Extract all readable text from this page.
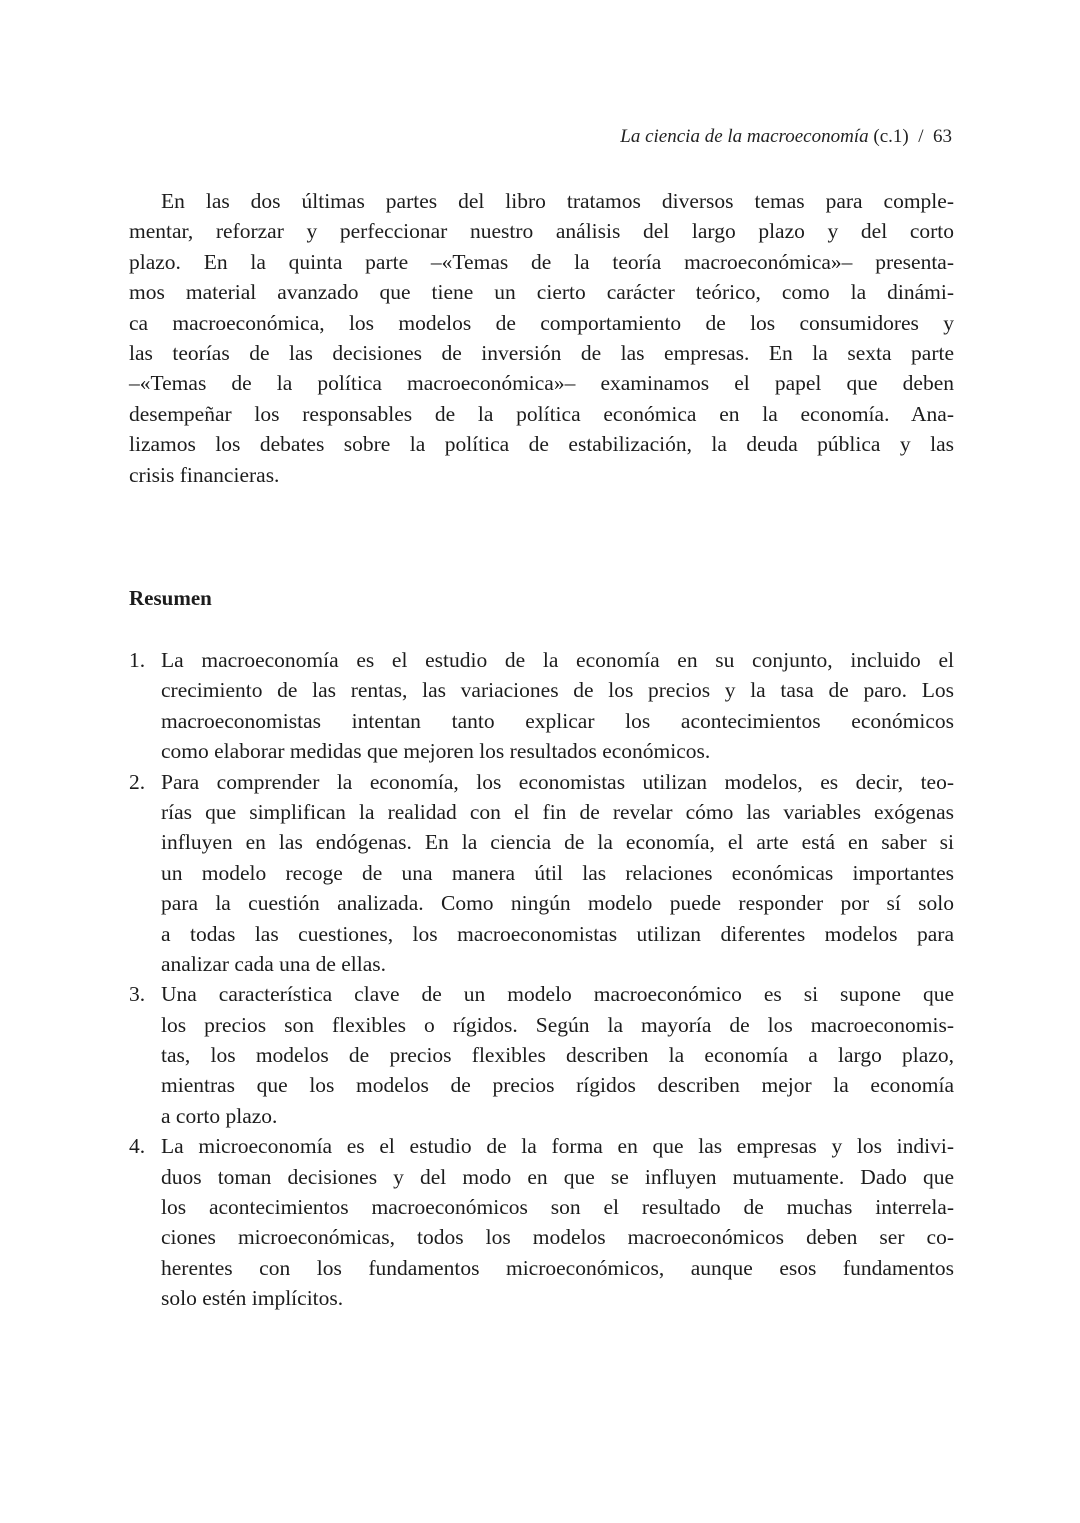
La ciencia de la macroeconomía (c.1) / 63
En las dos últimas partes del libro tratamos diversos temas para comple-
mentar, reforzar y perfeccionar nuestro análisis del largo plazo y del corto
plazo. En la quinta parte –«Temas de la teoría macroeconómica»– presenta-
mos material avanzado que tiene un cierto carácter teórico, como la dinámi-
ca macroeconómica, los modelos de comportamiento de los consumidores y
las teorías de las decisiones de inversión de las empresas. En la sexta parte
–«Temas de la política macroeconómica»– examinamos el papel que deben
desempeñar los responsables de la política económica en la economía. Ana-
lizamos los debates sobre la política de estabilización, la deuda pública y las
crisis financieras.
Resumen
1. La macroeconomía es el estudio de la economía en su conjunto, incluido el
crecimiento de las rentas, las variaciones de los precios y la tasa de paro. Los
macroeconomistas intentan tanto explicar los acontecimientos económicos
como elaborar medidas que mejoren los resultados económicos.
2. Para comprender la economía, los economistas utilizan modelos, es decir, teo-
rías que simplifican la realidad con el fin de revelar cómo las variables exógenas
influyen en las endógenas. En la ciencia de la economía, el arte está en saber si
un modelo recoge de una manera útil las relaciones económicas importantes
para la cuestión analizada. Como ningún modelo puede responder por sí solo
a todas las cuestiones, los macroeconomistas utilizan diferentes modelos para
analizar cada una de ellas.
3. Una característica clave de un modelo macroeconómico es si supone que
los precios son flexibles o rígidos. Según la mayoría de los macroeconomis-
tas, los modelos de precios flexibles describen la economía a largo plazo,
mientras que los modelos de precios rígidos describen mejor la economía
a corto plazo.
4. La microeconomía es el estudio de la forma en que las empresas y los indivi-
duos toman decisiones y del modo en que se influyen mutuamente. Dado que
los acontecimientos macroeconómicos son el resultado de muchas interrela-
ciones microeconómicas, todos los modelos macroeconómicos deben ser co-
herentes con los fundamentos microeconómicos, aunque esos fundamentos
solo estén implícitos.
